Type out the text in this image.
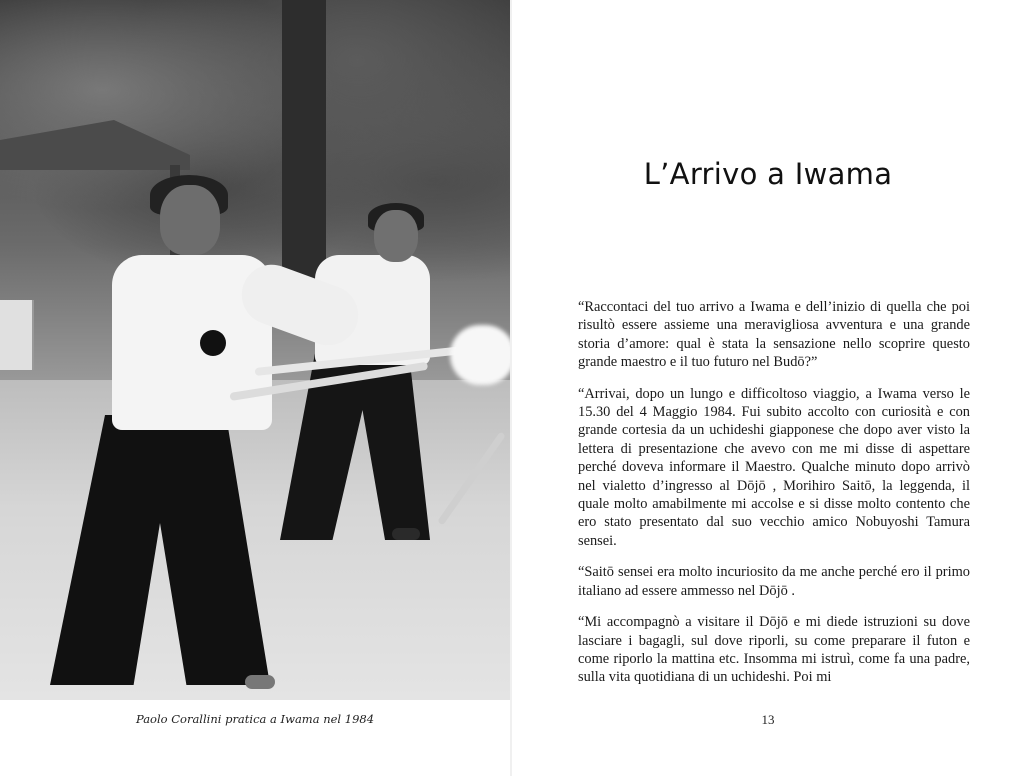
Paolo Corallini pratica a Iwama nel 1984
L’Arrivo a Iwama

“Raccontaci del tuo arrivo a Iwama e dell’inizio di quella che poi risultò essere assieme una meravigliosa avventura e una grande storia d’amore: qual è stata la sensazione nello scoprire questo grande maestro e il tuo futuro nel Budō?”

“Arrivai, dopo un lungo e difficoltoso viaggio, a Iwama verso le 15.30 del 4 Maggio 1984. Fui subito accolto con curiosità e con grande cortesia da un uchideshi giapponese che dopo aver visto la lettera di presentazione che avevo con me mi disse di aspettare perché doveva informare il Maestro. Qualche minuto dopo arrivò nel vialetto d’ingresso al Dōjō , Morihiro Saitō, la leggenda, il quale molto amabilmente mi accolse e si disse molto contento che ero stato presentato dal suo vecchio amico Nobuyoshi Tamura sensei.

“Saitō sensei era molto incuriosito da me anche perché ero il primo italiano ad essere ammesso nel Dōjō .

“Mi accompagnò a visitare il Dōjō e mi diede istruzioni su dove lasciare i bagagli, sul dove riporli, su come preparare il futon e come riporlo la mattina etc. Insomma mi istruì, come fa una padre, sulla vita quotidiana di un uchideshi. Poi mi

13
